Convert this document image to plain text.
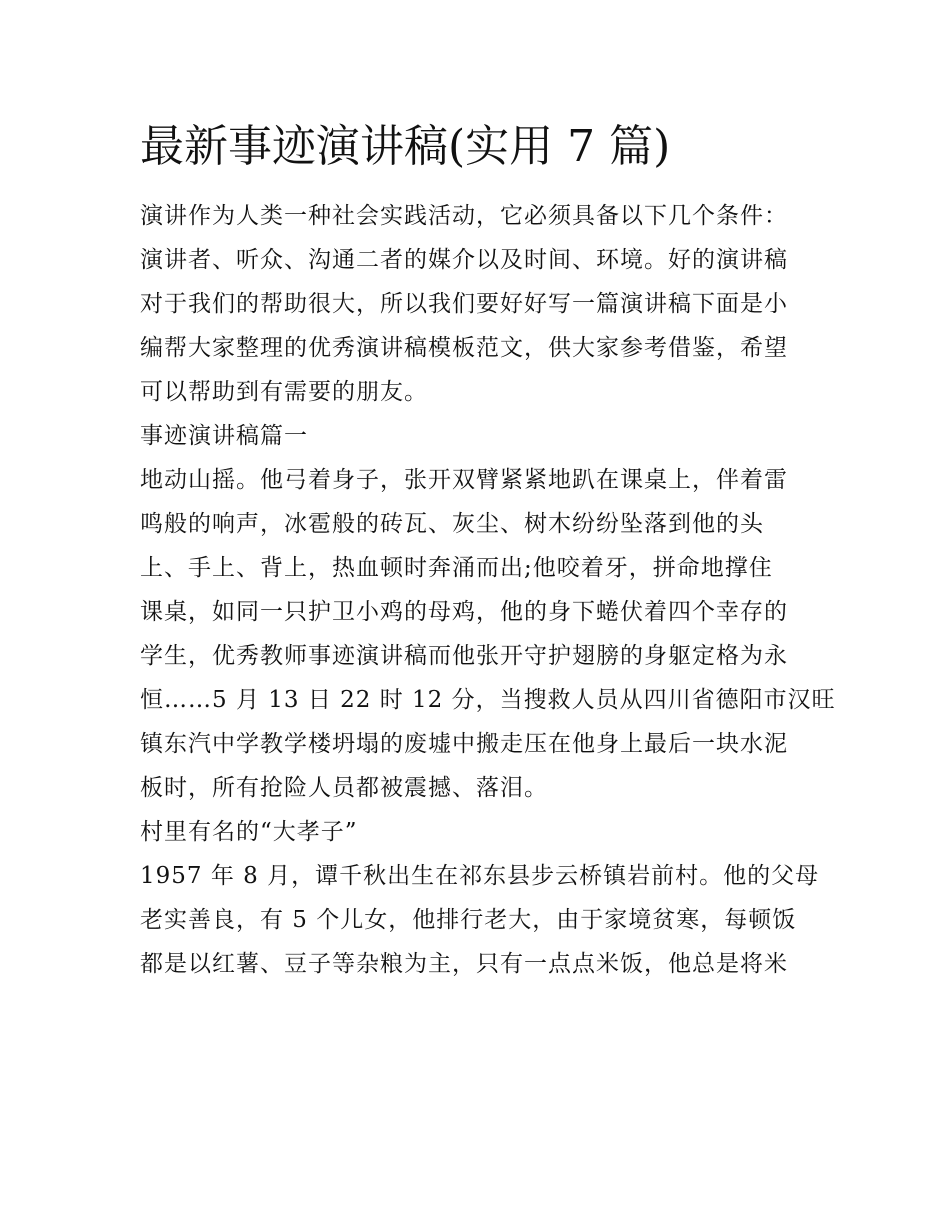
最新事迹演讲稿(实用 7 篇)
演讲作为人类一种社会实践活动，它必须具备以下几个条件：
演讲者、听众、沟通二者的媒介以及时间、环境。好的演讲稿
对于我们的帮助很大，所以我们要好好写一篇演讲稿下面是小
编帮大家整理的优秀演讲稿模板范文，供大家参考借鉴，希望
可以帮助到有需要的朋友。
事迹演讲稿篇一
地动山摇。他弓着身子，张开双臂紧紧地趴在课桌上，伴着雷
鸣般的响声，冰雹般的砖瓦、灰尘、树木纷纷坠落到他的头
上、手上、背上，热血顿时奔涌而出;他咬着牙，拼命地撑住
课桌，如同一只护卫小鸡的母鸡，他的身下蜷伏着四个幸存的
学生，优秀教师事迹演讲稿而他张开守护翅膀的身躯定格为永
恒……5 月 13 日 22 时 12 分，当搜救人员从四川省德阳市汉旺
镇东汽中学教学楼坍塌的废墟中搬走压在他身上最后一块水泥
板时，所有抢险人员都被震撼、落泪。
村里有名的“大孝子”
1957 年 8 月，谭千秋出生在祁东县步云桥镇岩前村。他的父母
老实善良，有 5 个儿女，他排行老大，由于家境贫寒，每顿饭
都是以红薯、豆子等杂粮为主，只有一点点米饭，他总是将米
